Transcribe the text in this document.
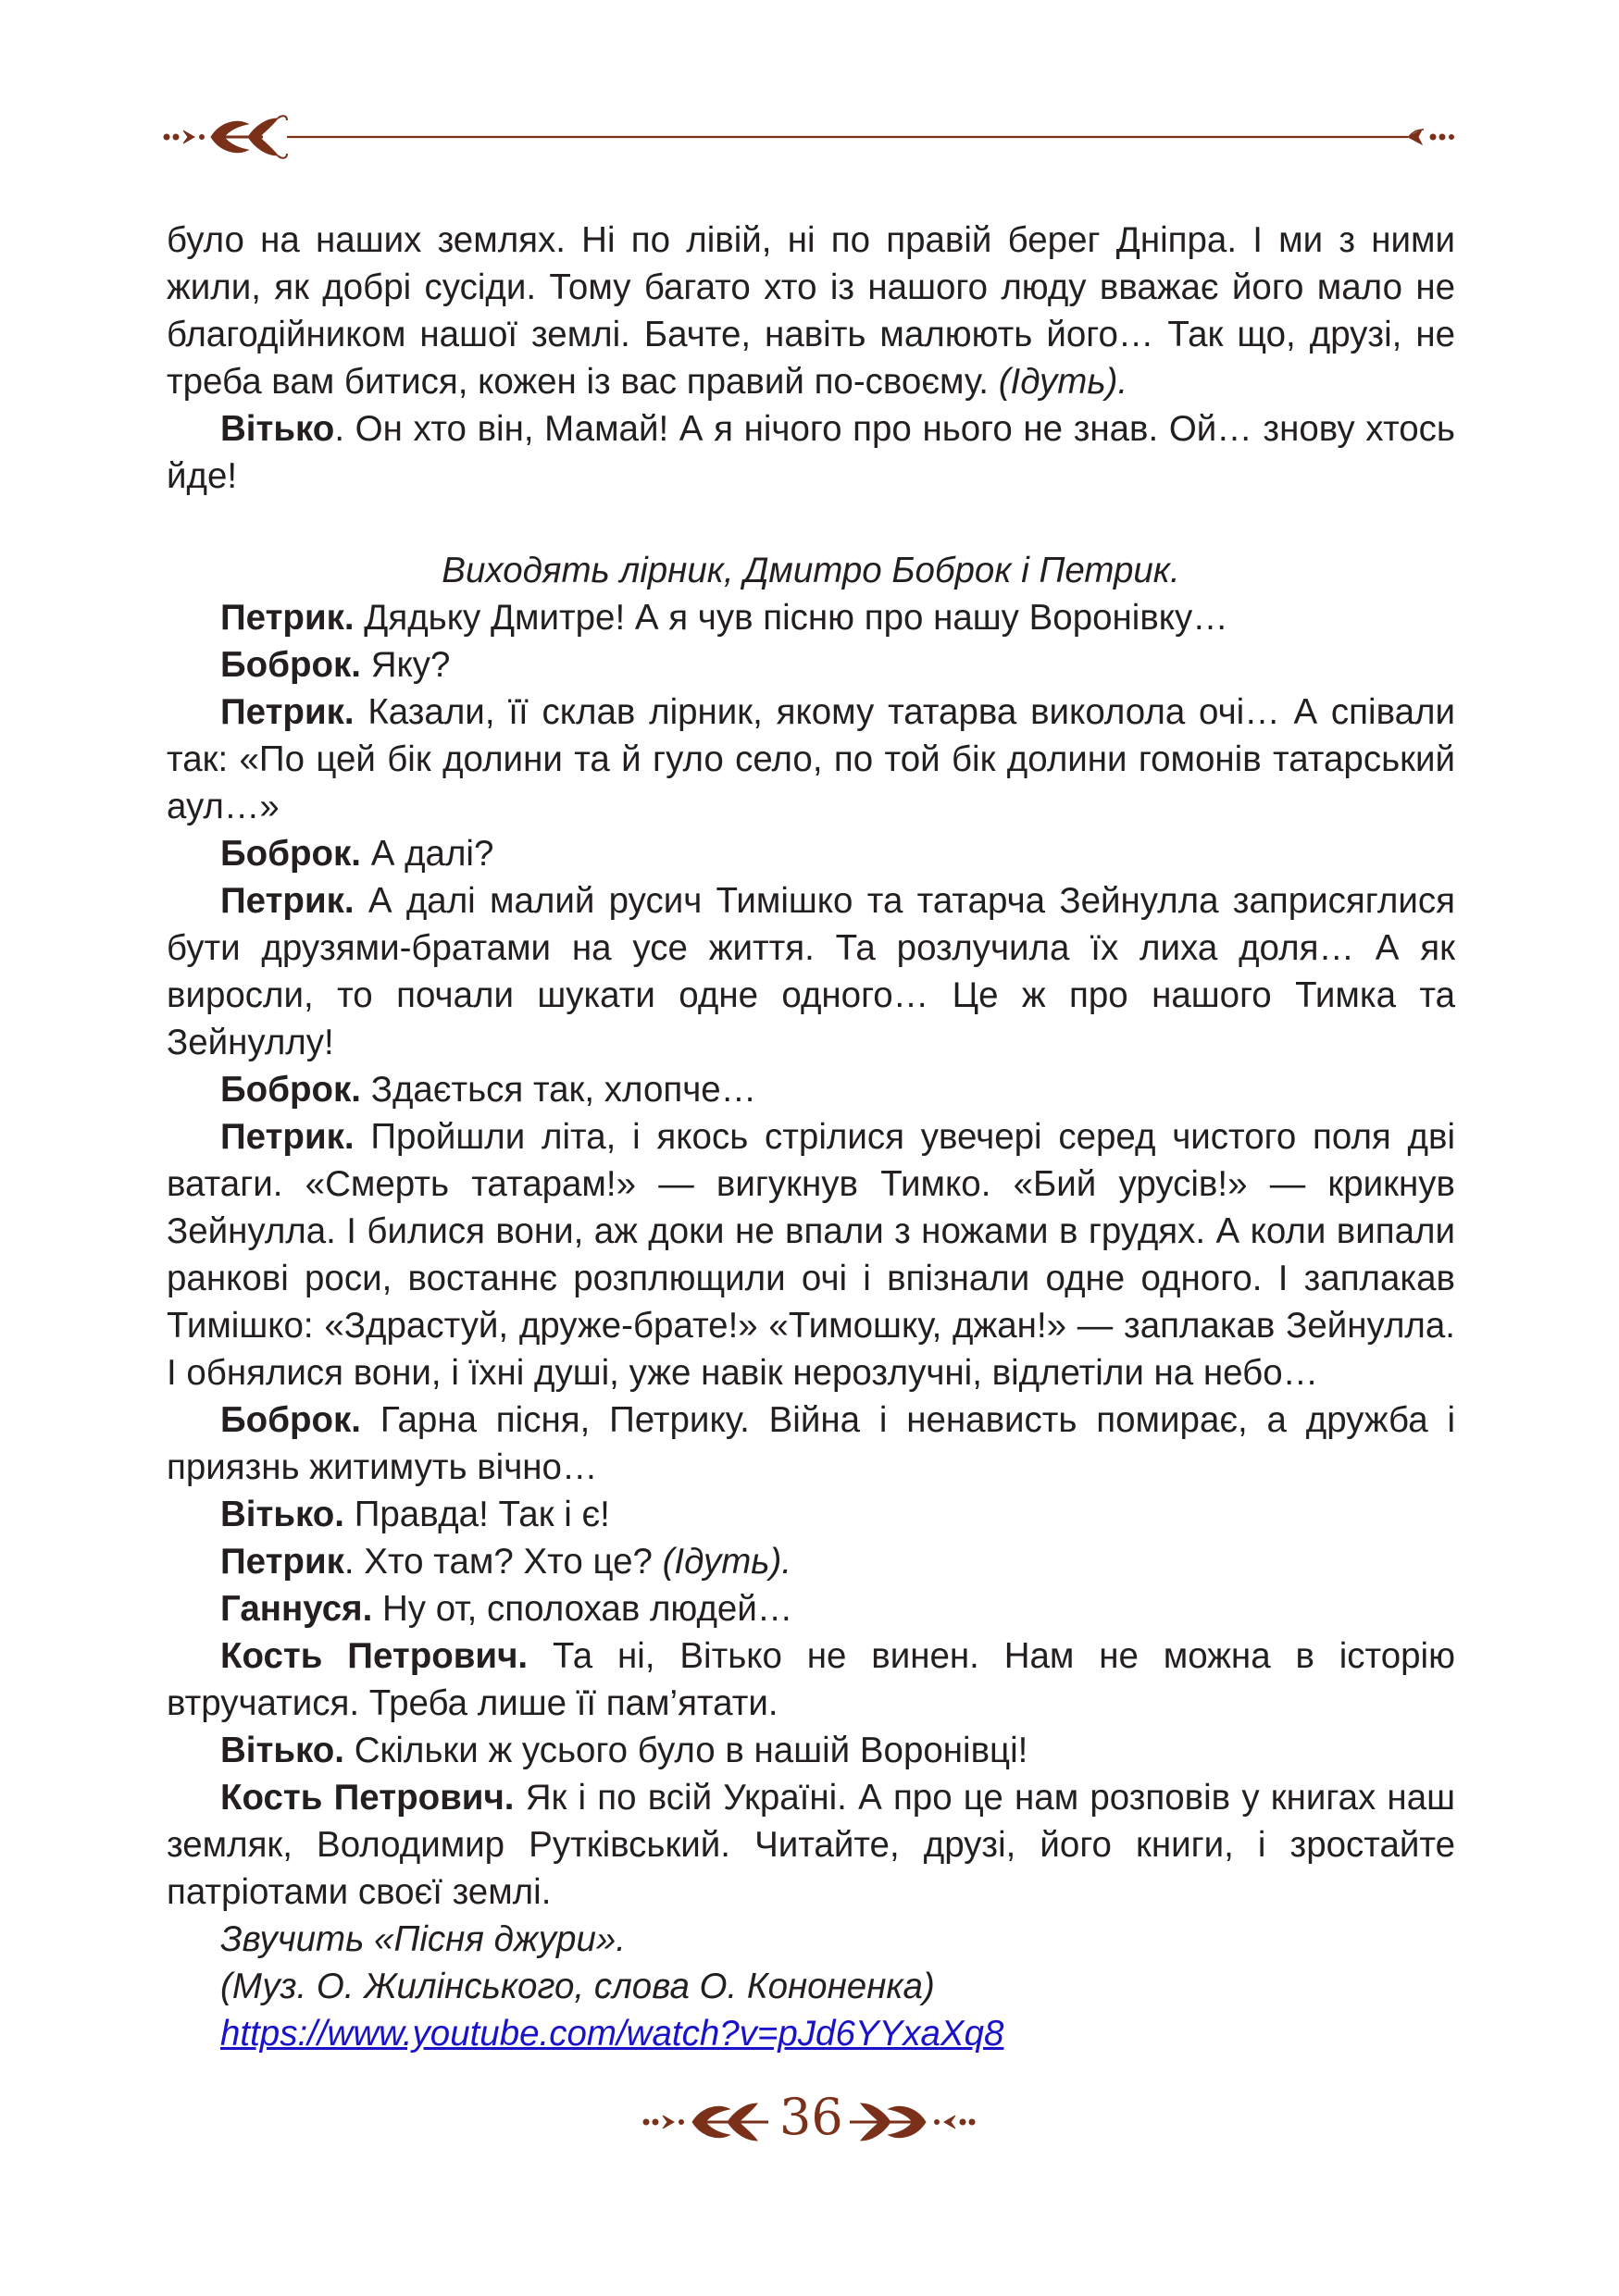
було на наших землях. Ні по лівій, ні по правій берег Дніпра. І ми з ними жили, як добрі сусіди. Тому багато хто із нашого люду вважає його мало не благодійником нашої землі. Бачте, навіть малюють його… Так що, друзі, не треба вам битися, кожен із вас правий по-своєму. (Ідуть).

Вітько. Он хто він, Мамай! А я нічого про нього не знав. Ой… знову хтось йде!

Виходять лірник, Дмитро Боброк і Петрик.

Петрик. Дядьку Дмитре! А я чув пісню про нашу Воронівку…

Боброк. Яку?

Петрик. Казали, її склав лірник, якому татарва виколола очі… А співали так: «По цей бік долини та й гуло село, по той бік долини гомонів татарський аул…»

Боброк. А далі?

Петрик. А далі малий русич Тимішко та татарча Зейнулла заприсяглися бути друзями-братами на усе життя. Та розлучила їх лиха доля… А як виросли, то почали шукати одне одного… Це ж про нашого Тимка та Зейнуллу!

Боброк. Здається так, хлопче…

Петрик. Пройшли літа, і якось стрілися увечері серед чистого поля дві ватаги. «Смерть татарам!» — вигукнув Тимко. «Бий урусів!» — крикнув Зейнулла. І билися вони, аж доки не впали з ножами в грудях. А коли випали ранкові роси, востаннє розплющили очі і впізнали одне одного. І заплакав Тимішко: «Здрастуй, друже-брате!» «Тимошку, джан!» — заплакав Зейнулла. І обнялися вони, і їхні душі, уже навік нерозлучні, відлетіли на небо…

Боброк. Гарна пісня, Петрику. Війна і ненависть помирає, а дружба і приязнь житимуть вічно…

Вітько. Правда! Так і є!

Петрик. Хто там? Хто це? (Ідуть).

Ганнуся. Ну от, сполохав людей…

Кость Петрович. Та ні, Вітько не винен. Нам не можна в історію втручатися. Треба лише її пам’ятати.

Вітько. Скільки ж усього було в нашій Воронівці!

Кость Петрович. Як і по всій Україні. А про це нам розповів у книгах наш земляк, Володимир Рутківський. Читайте, друзі, його книги, і зростайте патріотами своєї землі.

Звучить «Пісня джури».

(Муз. О. Жилінського, слова О. Кононенка)

https://www.youtube.com/watch?v=pJd6YYxaXq8

36
